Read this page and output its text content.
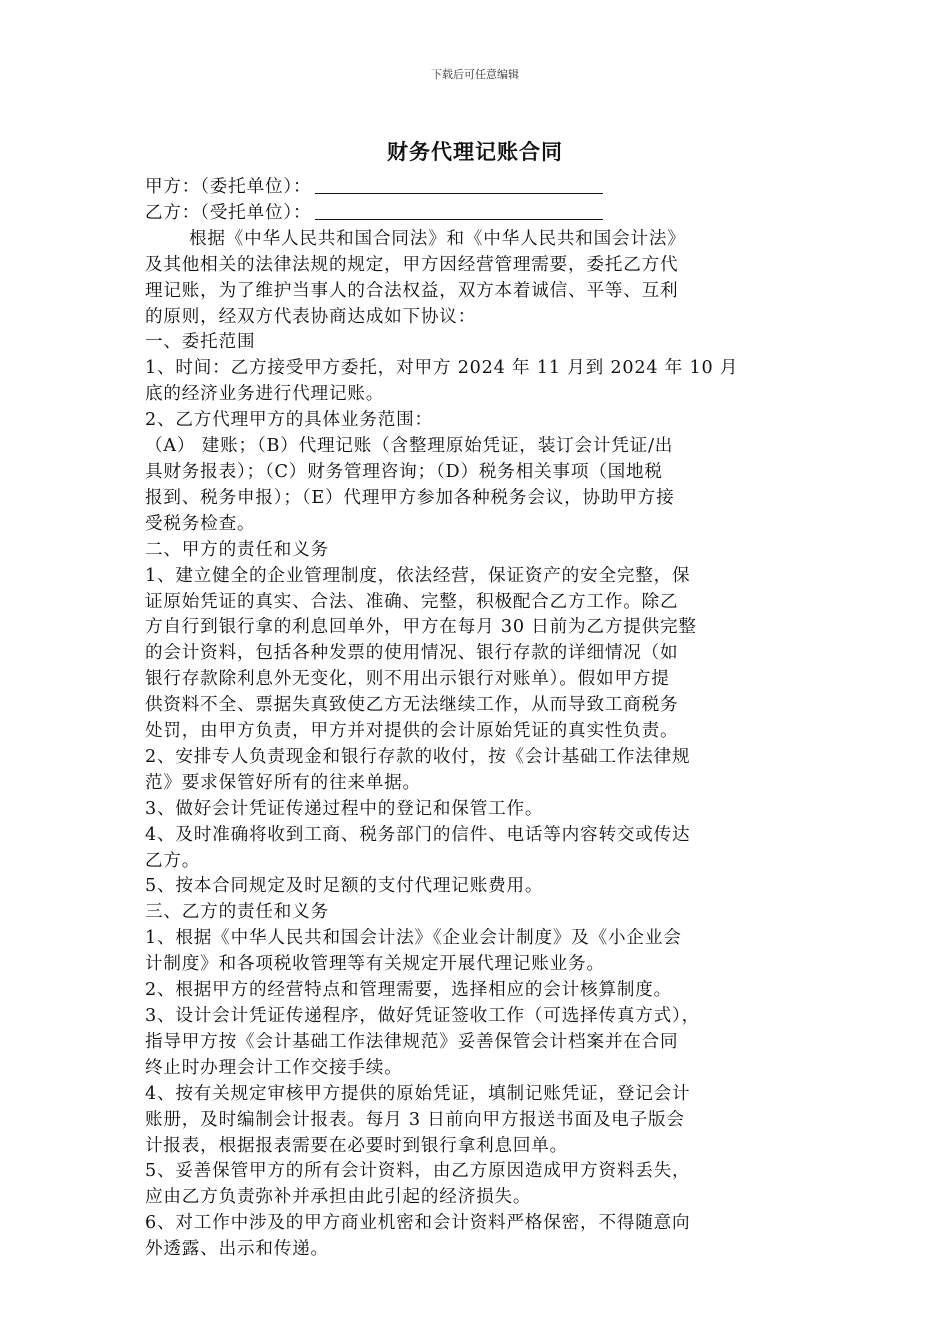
下载后可任意编辑
财务代理记账合同
甲方：（委托单位）：
乙方：（受托单位）：
根据《中华人民共和国合同法》和《中华人民共和国会计法》
及其他相关的法律法规的规定，甲方因经营管理需要，委托乙方代
理记账，为了维护当事人的合法权益，双方本着诚信、平等、互利
的原则，经双方代表协商达成如下协议：
一、委托范围
1、时间：乙方接受甲方委托，对甲方 2024 年 11 月到 2024 年 10 月
底的经济业务进行代理记账。
2、乙方代理甲方的具体业务范围：
（A） 建账；（B）代理记账（含整理原始凭证，装订会计凭证/出
具财务报表）；（C）财务管理咨询；（D）税务相关事项（国地税
报到、税务申报）；（E）代理甲方参加各种税务会议，协助甲方接
受税务检查。
二、甲方的责任和义务
1、建立健全的企业管理制度，依法经营，保证资产的安全完整，保
证原始凭证的真实、合法、准确、完整，积极配合乙方工作。除乙
方自行到银行拿的利息回单外，甲方在每月 30 日前为乙方提供完整
的会计资料，包括各种发票的使用情况、银行存款的详细情况（如
银行存款除利息外无变化，则不用出示银行对账单）。假如甲方提
供资料不全、票据失真致使乙方无法继续工作，从而导致工商税务
处罚，由甲方负责，甲方并对提供的会计原始凭证的真实性负责。
2、安排专人负责现金和银行存款的收付，按《会计基础工作法律规
范》要求保管好所有的往来单据。
3、做好会计凭证传递过程中的登记和保管工作。
4、及时准确将收到工商、税务部门的信件、电话等内容转交或传达
乙方。
5、按本合同规定及时足额的支付代理记账费用。
三、乙方的责任和义务
1、根据《中华人民共和国会计法》《企业会计制度》及《小企业会
计制度》和各项税收管理等有关规定开展代理记账业务。
2、根据甲方的经营特点和管理需要，选择相应的会计核算制度。
3、设计会计凭证传递程序，做好凭证签收工作（可选择传真方式），
指导甲方按《会计基础工作法律规范》妥善保管会计档案并在合同
终止时办理会计工作交接手续。
4、按有关规定审核甲方提供的原始凭证，填制记账凭证，登记会计
账册，及时编制会计报表。每月 3 日前向甲方报送书面及电子版会
计报表，根据报表需要在必要时到银行拿利息回单。
5、妥善保管甲方的所有会计资料，由乙方原因造成甲方资料丢失，
应由乙方负责弥补并承担由此引起的经济损失。
6、对工作中涉及的甲方商业机密和会计资料严格保密，不得随意向
外透露、出示和传递。
